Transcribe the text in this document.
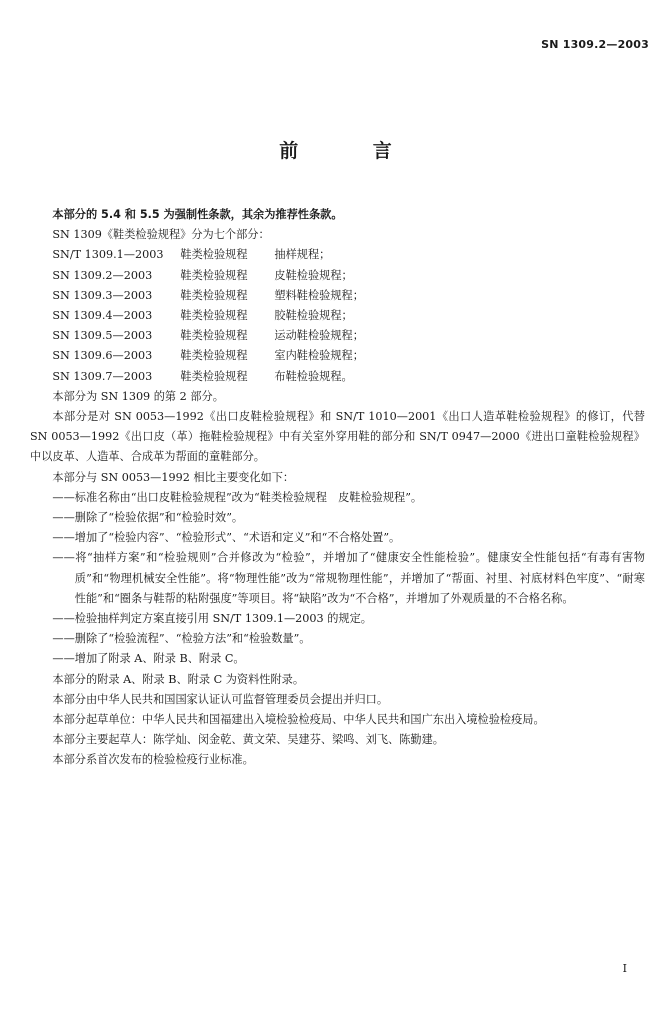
SN 1309.2—2003
前 言

本部分的 5.4 和 5.5 为强制性条款，其余为推荐性条款。

SN 1309《鞋类检验规程》分为七个部分：

SN/T 1309.1—2003 鞋类检验规程 抽样规程；

SN 1309.2—2003	鞋类检验规程 皮鞋检验规程；

SN 1309.3—2003	鞋类检验规程 塑料鞋检验规程；

SN 1309.4—2003	鞋类检验规程 胶鞋检验规程；

SN 1309.5—2003	鞋类检验规程 运动鞋检验规程；

SN 1309.6—2003	鞋类检验规程 室内鞋检验规程；

SN 1309.7—2003	鞋类检验规程 布鞋检验规程。

本部分为 SN 1309 的第 2 部分。

本部分是对 SN 0053—1992《出口皮鞋检验规程》和 SN/T 1010—2001《出口人造革鞋检验规程》的修订，代替 SN 0053—1992《出口皮（革）拖鞋检验规程》中有关室外穿用鞋的部分和 SN/T 0947—2000《进出口童鞋检验规程》中以皮革、人造革、合成革为帮面的童鞋部分。

本部分与 SN 0053—1992 相比主要变化如下：

——标准名称由“出口皮鞋检验规程”改为“鞋类检验规程　皮鞋检验规程”。

——删除了“检验依据”和“检验时效”。

——增加了“检验内容”、“检验形式”、“术语和定义”和“不合格处置”。

——将“抽样方案”和“检验规则”合并修改为“检验”，并增加了“健康安全性能检验”。健康安全性能包括“有毒有害物质”和“物理机械安全性能”。将“物理性能”改为“常规物理性能”，并增加了“帮面、衬里、衬底材料色牢度”、“耐寒性能”和“圈条与鞋帮的粘附强度”等项目。将“缺陷”改为“不合格”，并增加了外观质量的不合格名称。

——检验抽样判定方案直接引用 SN/T 1309.1—2003 的规定。

——删除了“检验流程”、“检验方法”和“检验数量”。

——增加了附录 A、附录 B、附录 C。

本部分的附录 A、附录 B、附录 C 为资料性附录。

本部分由中华人民共和国国家认证认可监督管理委员会提出并归口。

本部分起草单位：中华人民共和国福建出入境检验检疫局、中华人民共和国广东出入境检验检疫局。

本部分主要起草人：陈学灿、闵金乾、黄文荣、吴建芬、梁鸣、刘飞、陈勤建。

本部分系首次发布的检验检疫行业标准。

I
